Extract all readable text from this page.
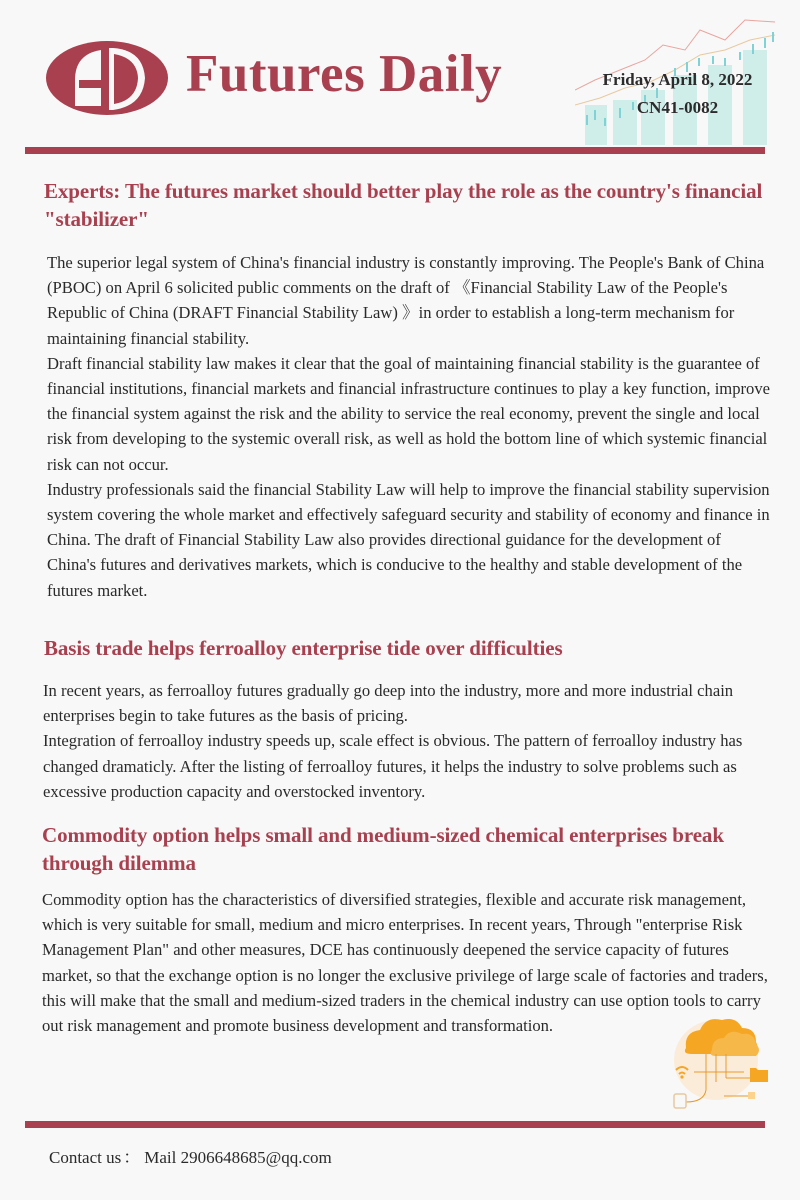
Futures Daily	Friday, April 8, 2022
CN41-0082
Experts: The futures market should better play the role as the country's financial "stabilizer"

The superior legal system of China's financial industry is constantly improving. The People's Bank of China (PBOC) on April 6 solicited public comments on the draft of 《Financial Stability Law of the People's Republic of China (DRAFT Financial Stability Law) 》in order to establish a long-term mechanism for maintaining financial stability.

Draft financial stability law makes it clear that the goal of maintaining financial stability is the guarantee of financial institutions, financial markets and financial infrastructure continues to play a key function, improve the financial system against the risk and the ability to service the real economy, prevent the single and local risk from developing to the systemic overall risk, as well as hold the bottom line of which systemic financial risk can not occur.

Industry professionals said the financial Stability Law will help to improve the financial stability supervision system covering the whole market and effectively safeguard security and stability of economy and finance in China. The draft of Financial Stability Law also provides directional guidance for the development of China's futures and derivatives markets, which is conducive to the healthy and stable development of the futures market.

Basis trade helps ferroalloy enterprise tide over difficulties

In recent years, as ferroalloy futures gradually go deep into the industry, more and more industrial chain enterprises begin to take futures as the basis of pricing.

Integration of ferroalloy industry speeds up, scale effect is obvious. The pattern of ferroalloy industry has changed dramaticly. After the listing of ferroalloy futures, it helps the industry to solve problems such as excessive production capacity and overstocked inventory.

Commodity option helps small and medium-sized chemical enterprises break through dilemma

Commodity option has the characteristics of diversified strategies, flexible and accurate risk management, which is very suitable for small, medium and micro enterprises. In recent years, Through "enterprise Risk Management Plan" and other measures, DCE has continuously deepened the service capacity of futures market, so that the exchange option is no longer the exclusive privilege of large scale of factories and traders, this will make that the small and medium-sized traders in the chemical industry can use option tools to carry out risk management and promote business development and transformation.

Contact us ： Mail 2906648685@qq.com
